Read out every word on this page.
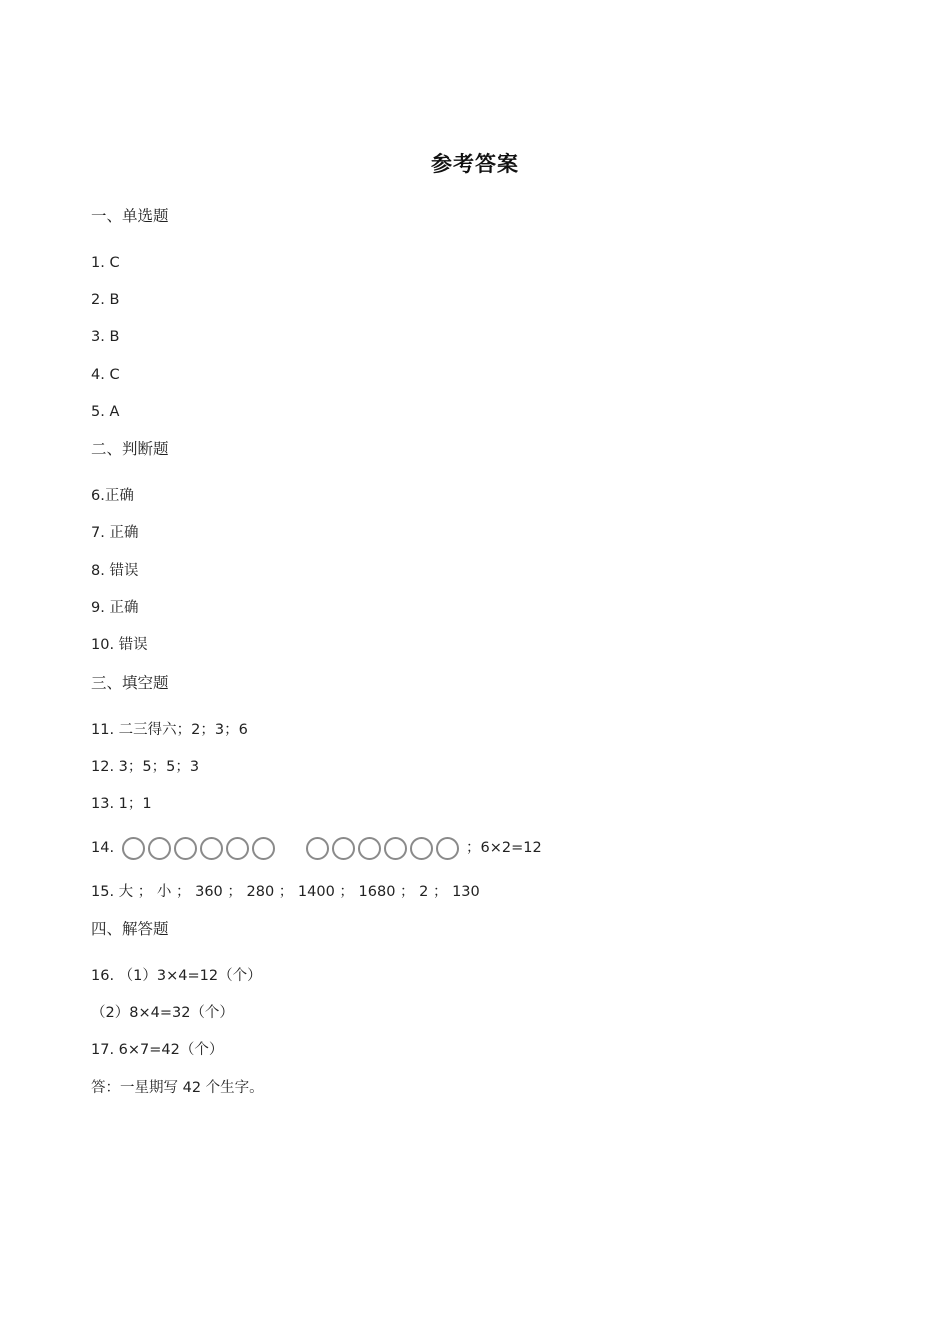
参考答案
一、单选题
1. C
2. B
3. B
4. C
5. A
二、判断题
6.正确
7. 正确
8. 错误
9. 正确
10. 错误
三、填空题
11. 二三得六；2；3；6
12. 3；5；5；3
13. 1；1
14.	；6×2=12
15. 大 ； 小 ； 360 ； 280 ； 1400 ； 1680 ； 2 ； 130
四、解答题
16. （1）3×4=12（个）
（2）8×4=32（个）
17. 6×7=42（个）
答：一星期写 42 个生字。
